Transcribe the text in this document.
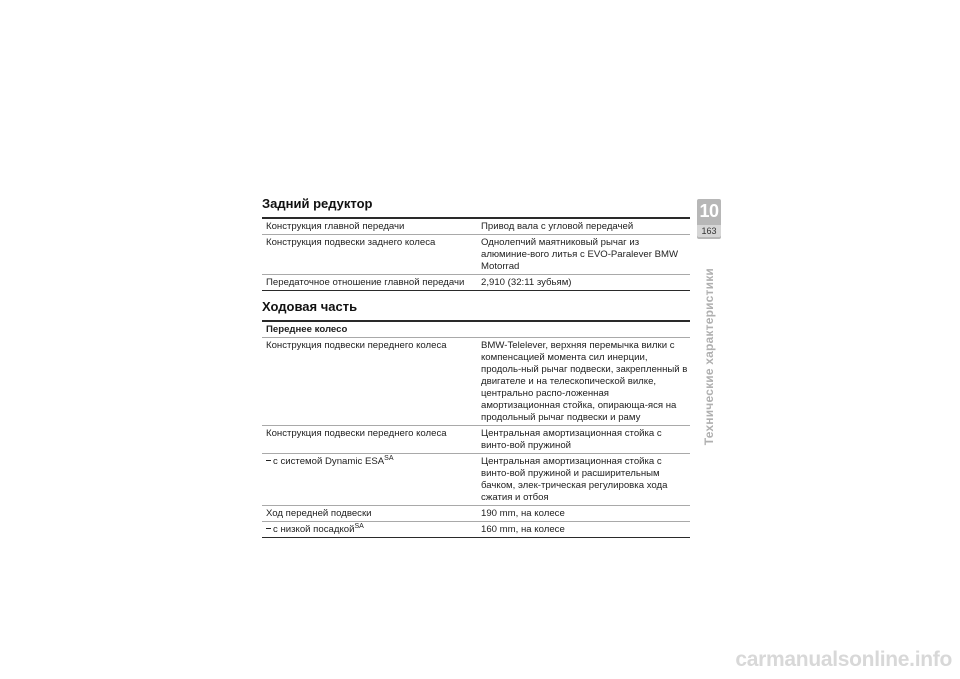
Задний редуктор
Конструкция главной передачи	Привод вала с угловой передачей
Конструкция подвески заднего колеса	Однолепчий маятниковый рычаг из алюминие-вого литья с EVO-Paralever BMW Motorrad
Передаточное отношение главной передачи	2,910 (32:11 зубьям)
Ходовая часть
Переднее колесо
Конструкция подвески переднего колеса	BMW-Telelever, верхняя перемычка вилки с компенсацией момента сил инерции, продоль-ный рычаг подвески, закрепленный в двигателе и на телескопической вилке, центрально распо-ложенная амортизационная стойка, опирающа-яся на продольный рычаг подвески и раму
Конструкция подвески переднего колеса	Центральная амортизационная стойка с винто-вой пружиной
с системой Dynamic $ESA^{SA}$	Центральная амортизационная стойка с винто-вой пружиной и расширительным бачком, элек-трическая регулировка хода сжатия и отбоя
Ход передней подвески	190 mm, на колесе
с низкой посадкой$^{SA}$	160 mm, на колесе
10
163
Технические характеристики
carmanualsonline.info
